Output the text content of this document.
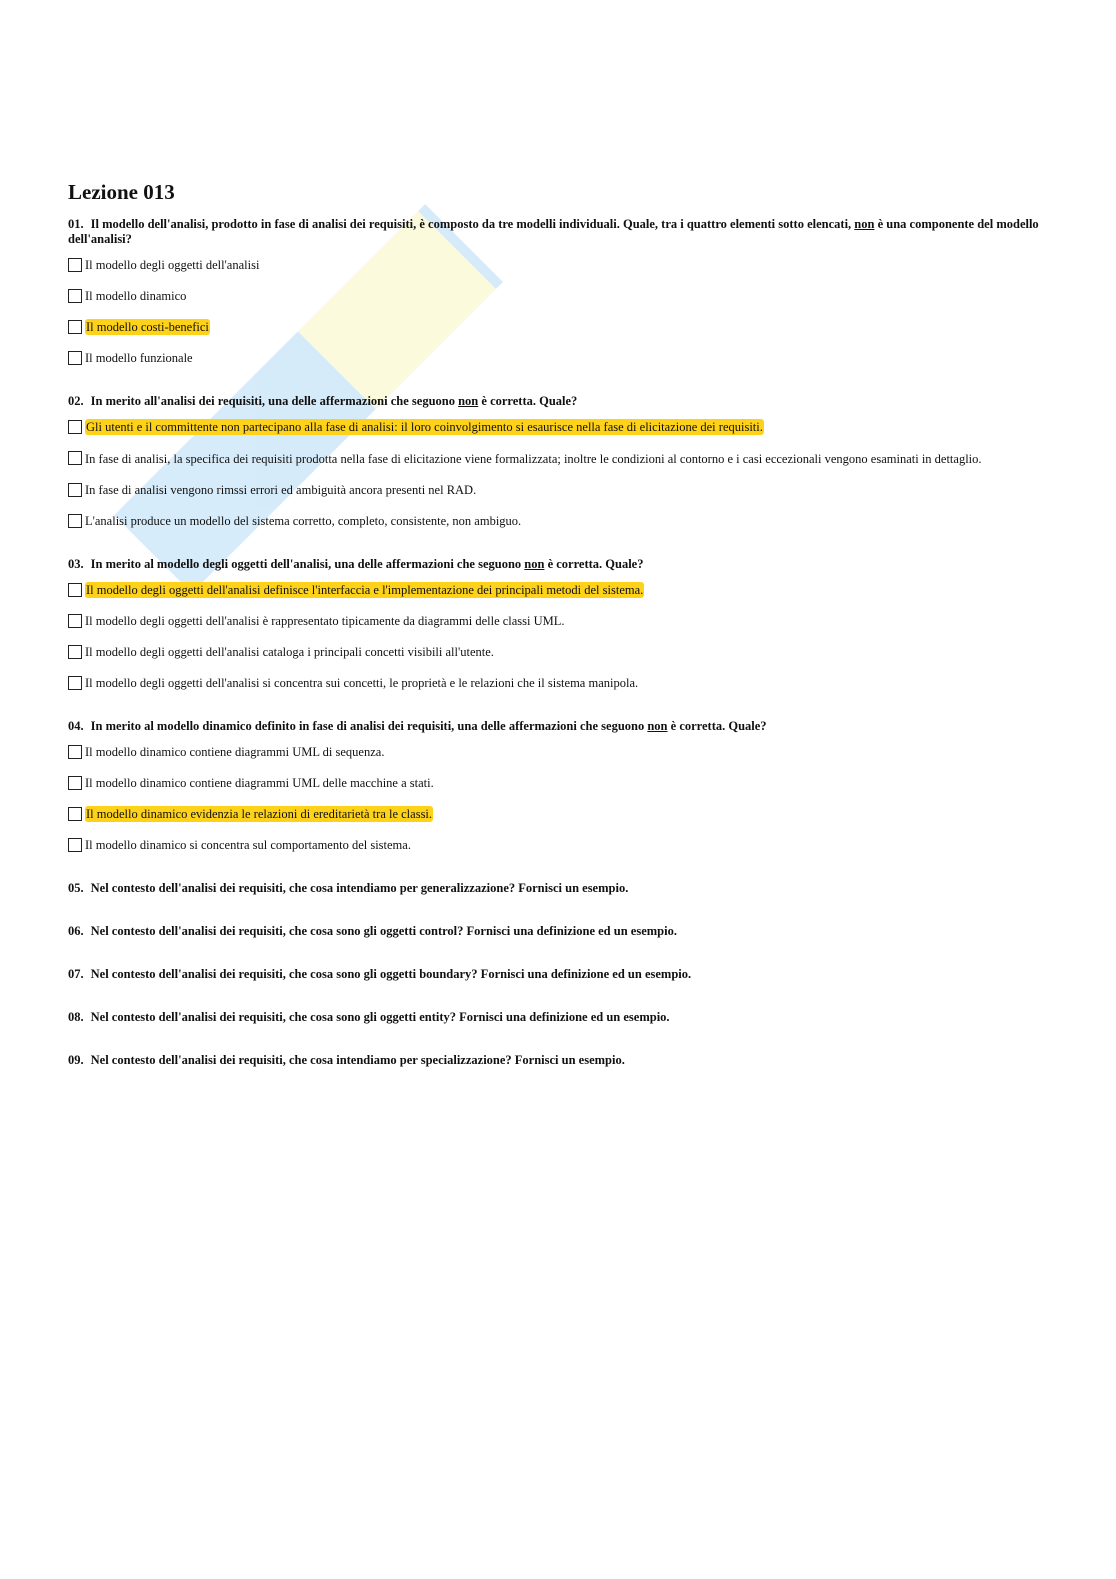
Lezione 013
01. Il modello dell'analisi, prodotto in fase di analisi dei requisiti, è composto da tre modelli individuali. Quale, tra i quattro elementi sotto elencati, non è una componente del modello dell'analisi?
Il modello degli oggetti dell'analisi
Il modello dinamico
Il modello costi-benefici
Il modello funzionale
02. In merito all'analisi dei requisiti, una delle affermazioni che seguono non è corretta. Quale?
Gli utenti e il committente non partecipano alla fase di analisi: il loro coinvolgimento si esaurisce nella fase di elicitazione dei requisiti.
In fase di analisi, la specifica dei requisiti prodotta nella fase di elicitazione viene formalizzata; inoltre le condizioni al contorno e i casi eccezionali vengono esaminati in dettaglio.
In fase di analisi vengono rimssi errori ed ambiguità ancora presenti nel RAD.
L'analisi produce un modello del sistema corretto, completo, consistente, non ambiguo.
03. In merito al modello degli oggetti dell'analisi, una delle affermazioni che seguono non è corretta. Quale?
Il modello degli oggetti dell'analisi definisce l'interfaccia e l'implementazione dei principali metodi del sistema.
Il modello degli oggetti dell'analisi è rappresentato tipicamente da diagrammi delle classi UML.
Il modello degli oggetti dell'analisi cataloga i principali concetti visibili all'utente.
Il modello degli oggetti dell'analisi si concentra sui concetti, le proprietà e le relazioni che il sistema manipola.
04. In merito al modello dinamico definito in fase di analisi dei requisiti, una delle affermazioni che seguono non è corretta. Quale?
Il modello dinamico contiene diagrammi UML di sequenza.
Il modello dinamico contiene diagrammi UML delle macchine a stati.
Il modello dinamico evidenzia le relazioni di ereditarietà tra le classi.
Il modello dinamico si concentra sul comportamento del sistema.
05. Nel contesto dell'analisi dei requisiti, che cosa intendiamo per generalizzazione? Fornisci un esempio.
06. Nel contesto dell'analisi dei requisiti, che cosa sono gli oggetti control? Fornisci una definizione ed un esempio.
07. Nel contesto dell'analisi dei requisiti, che cosa sono gli oggetti boundary? Fornisci una definizione ed un esempio.
08. Nel contesto dell'analisi dei requisiti, che cosa sono gli oggetti entity? Fornisci una definizione ed un esempio.
09. Nel contesto dell'analisi dei requisiti, che cosa intendiamo per specializzazione? Fornisci un esempio.
